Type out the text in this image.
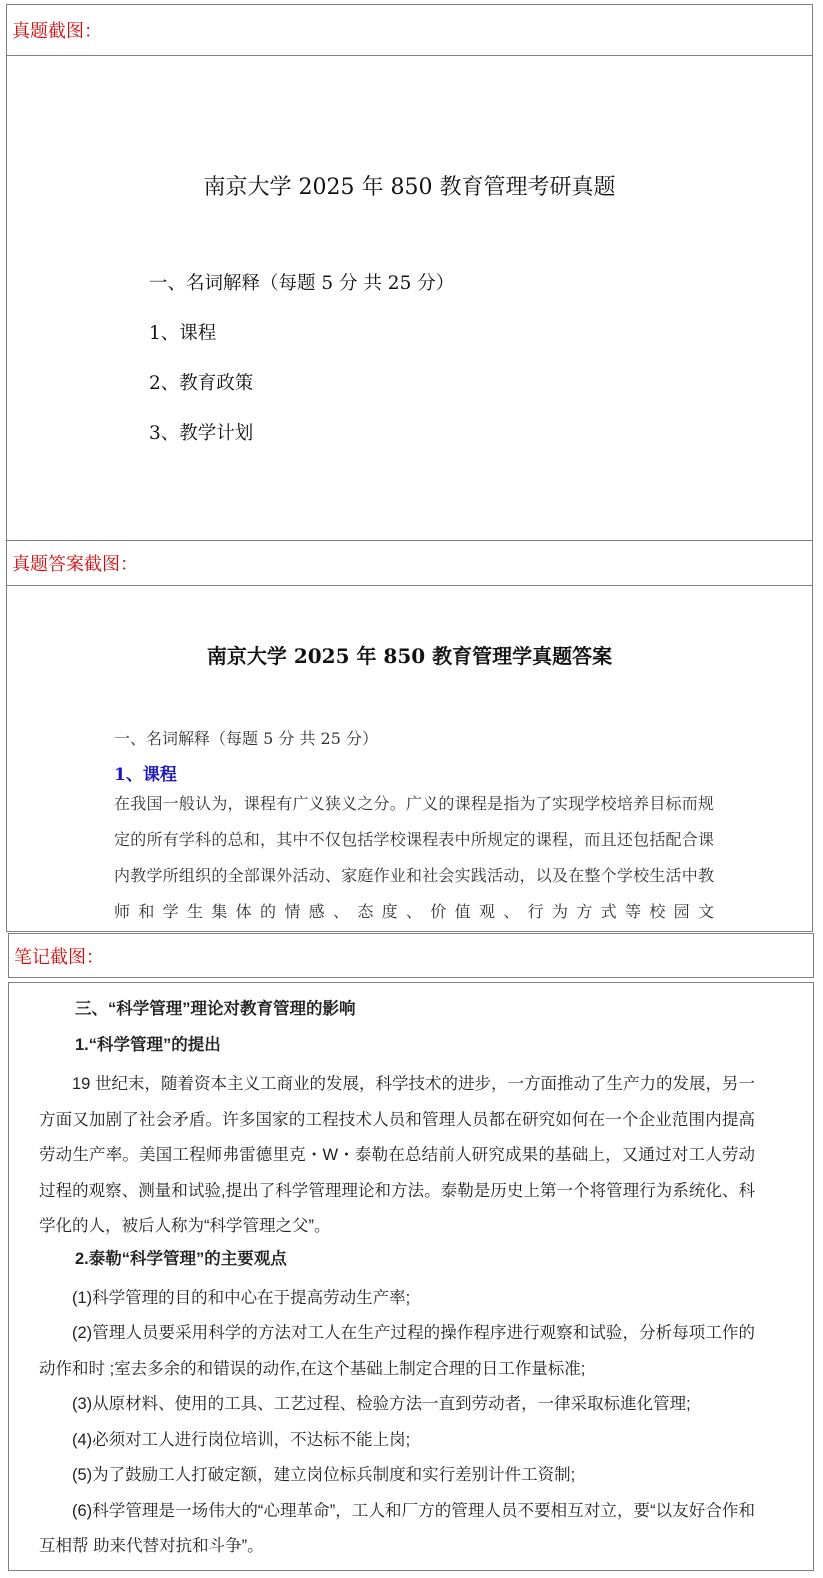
真题截图：
南京大学 2025 年 850 教育管理考研真题
一、名词解释（每题 5 分 共 25 分）
1、课程
2、教育政策
3、教学计划
真题答案截图：
南京大学 2025 年 850 教育管理学真题答案
一、名词解释（每题 5 分 共 25 分）
1、课程
在我国一般认为，课程有广义狭义之分。广义的课程是指为了实现学校培养目标而规定的所有学科的总和，其中不仅包括学校课程表中所规定的课程，而且还包括配合课内教学所组织的全部课外活动、家庭作业和社会实践活动，以及在整个学校生活中教师和学生集体的情感、态度、价值观、行为方式等校园文
笔记截图：
三、“科学管理”理论对教育管理的影响
1.“科学管理”的提出
19 世纪末，随着资本主义工商业的发展，科学技术的进步，一方面推动了生产力的发展，另一方面又加剧了社会矛盾。许多国家的工程技术人员和管理人员都在研究如何在一个企业范围内提高劳动生产率。美国工程师弗雷德里克・W・泰勒在总结前人研究成果的基础上，又通过对工人劳动过程的观察、测量和试验,提出了科学管理理论和方法。泰勒是历史上第一个将管理行为系统化、科学化的人，被后人称为“科学管理之父”。
2.泰勒“科学管理”的主要观点
(1)科学管理的目的和中心在于提高劳动生产率;
(2)管理人员要采用科学的方法对工人在生产过程的操作程序进行观察和试验，分析每项工作的动作和时 ;室去多余的和错误的动作,在这个基础上制定合理的日工作量标准;
(3)从原材料、使用的工具、工艺过程、检验方法一直到劳动者，一律采取标進化管理;
(4)必须对工人进行岗位培训，不达标不能上岗;
(5)为了鼓励工人打破定额，建立岗位标兵制度和实行差别计件工资制;
(6)科学管理是一场伟大的“心理革命”，工人和厂方的管理人员不要相互对立，要“以友好合作和互相帮 助来代替对抗和斗争”。
